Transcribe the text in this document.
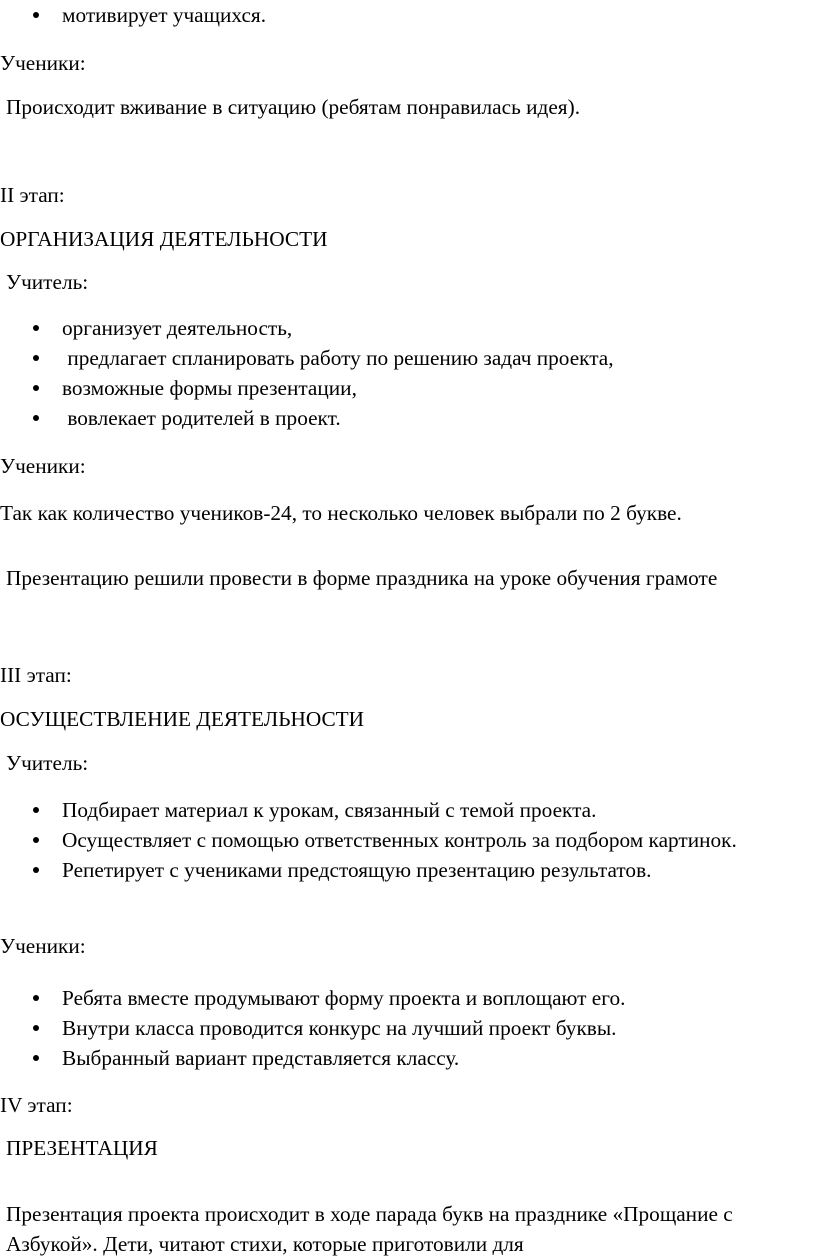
мотивирует учащихся.

Ученики:

Происходит вживание в ситуацию (ребятам понравилась идея).

II этап:

ОРГАНИЗАЦИЯ ДЕЯТЕЛЬНОСТИ

Учитель:

организует деятельность,
предлагает спланировать работу по решению задач проекта,
возможные формы презентации,
вовлекает родителей в проект.

Ученики:

Так как количество учеников-24, то несколько человек выбрали по 2 букве.

Презентацию решили провести в форме праздника на уроке обучения грамоте

III этап:

ОСУЩЕСТВЛЕНИЕ ДЕЯТЕЛЬНОСТИ

Учитель:

Подбирает материал к урокам, связанный с темой проекта.
Осуществляет с помощью ответственных контроль за подбором картинок.
Репетирует с учениками предстоящую презентацию результатов.

Ученики:

Ребята вместе продумывают форму проекта и воплощают его.
Внутри класса проводится конкурс на лучший проект буквы.
Выбранный вариант представляется классу.

IV этап:

ПРЕЗЕНТАЦИЯ

Презентация проекта происходит в ходе парада букв на празднике «Прощание с Азбукой». Дети, читают стихи, которые приготовили для
